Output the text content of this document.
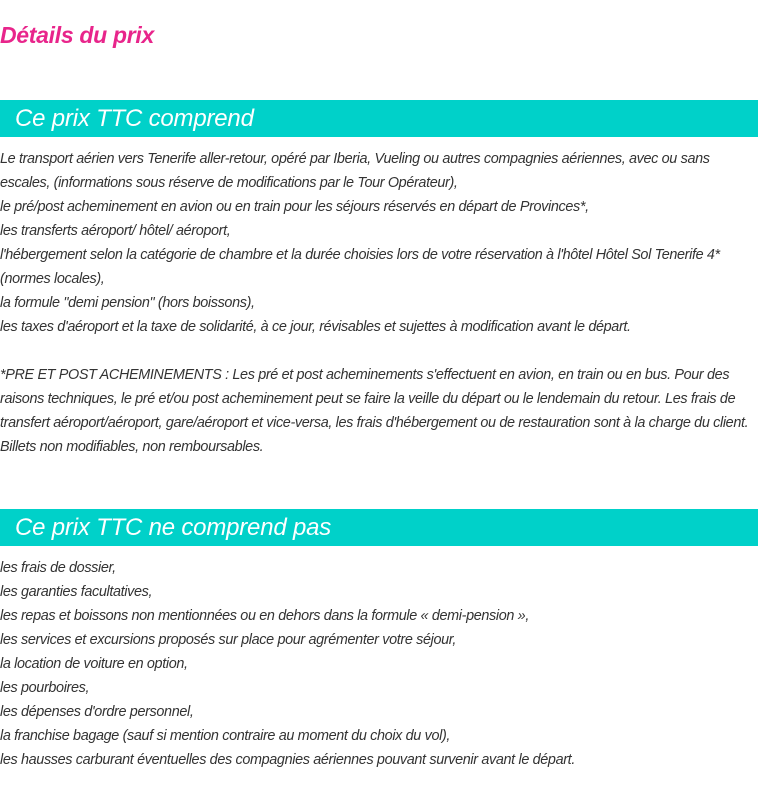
Détails du prix
Ce prix TTC comprend
Le transport aérien vers Tenerife aller-retour, opéré par Iberia, Vueling ou autres compagnies aériennes, avec ou sans escales, (informations sous réserve de modifications par le Tour Opérateur),
le pré/post acheminement en avion ou en train pour les séjours réservés en départ de Provinces*,
les transferts aéroport/ hôtel/ aéroport,
l'hébergement selon la catégorie de chambre et la durée choisies lors de votre réservation à l'hôtel Hôtel Sol Tenerife 4* (normes locales),
la formule "demi pension" (hors boissons),
les taxes d'aéroport et la taxe de solidarité, à ce jour, révisables et sujettes à modification avant le départ.

*PRE ET POST ACHEMINEMENTS : Les pré et post acheminements s'effectuent en avion, en train ou en bus. Pour des raisons techniques, le pré et/ou post acheminement peut se faire la veille du départ ou le lendemain du retour. Les frais de transfert aéroport/aéroport, gare/aéroport et vice-versa, les frais d'hébergement ou de restauration sont à la charge du client. Billets non modifiables, non remboursables.

Ce prix TTC ne comprend pas
les frais de dossier,
les garanties facultatives,
les repas et boissons non mentionnées ou en dehors dans la formule « demi-pension »,
les services et excursions proposés sur place pour agrémenter votre séjour,
la location de voiture en option,
les pourboires,
les dépenses d'ordre personnel,
la franchise bagage (sauf si mention contraire au moment du choix du vol),
les hausses carburant éventuelles des compagnies aériennes pouvant survenir avant le départ.
